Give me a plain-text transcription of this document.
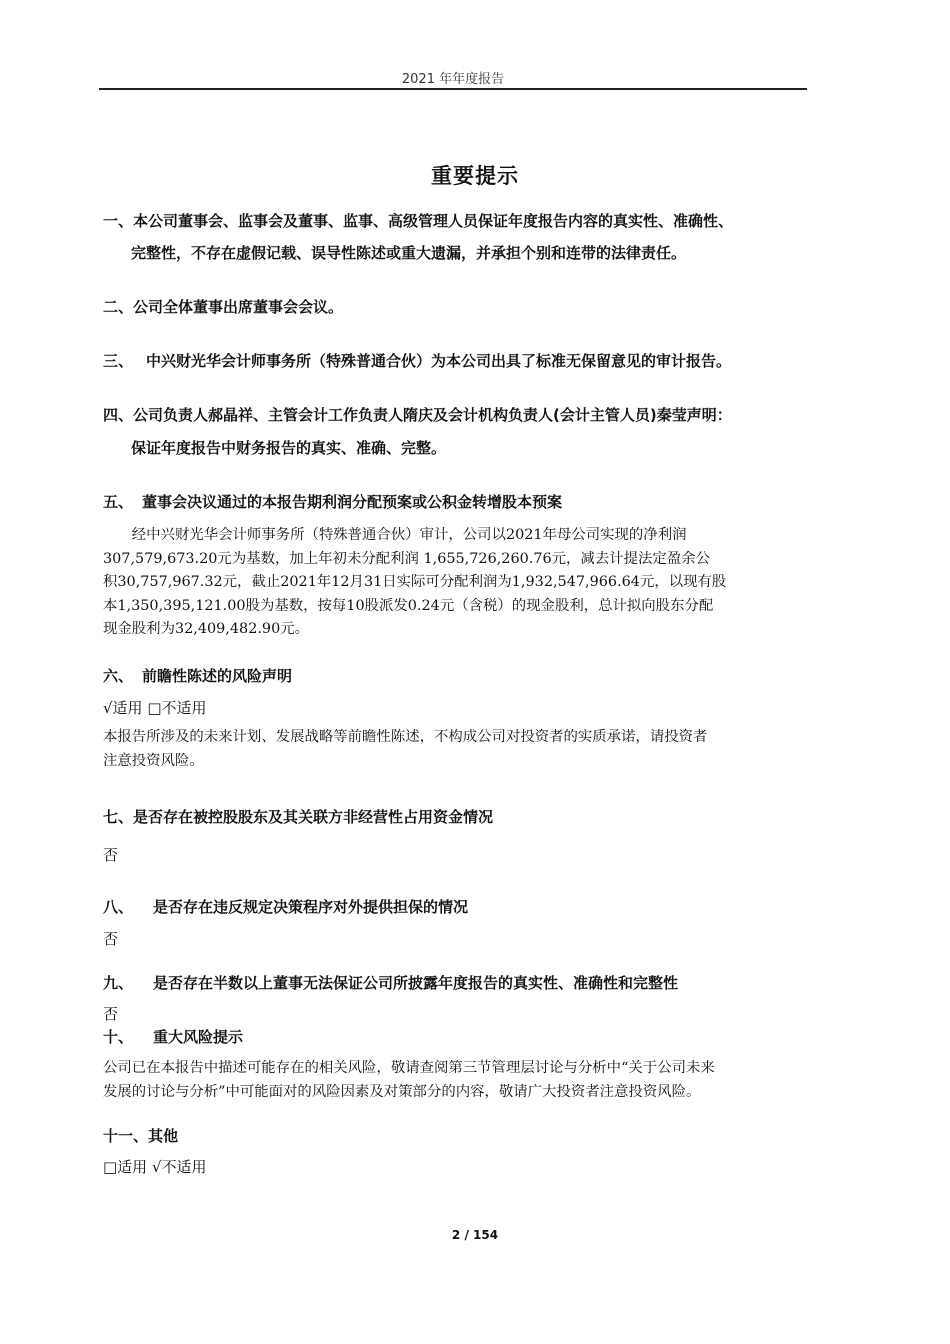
2021 年年度报告
重要提示
一、本公司董事会、监事会及董事、监事、高级管理人员保证年度报告内容的真实性、准确性、
完整性，不存在虚假记载、误导性陈述或重大遗漏，并承担个别和连带的法律责任。
二、公司全体董事出席董事会会议。
三、 中兴财光华会计师事务所（特殊普通合伙）为本公司出具了标准无保留意见的审计报告。
四、公司负责人郝晶祥、主管会计工作负责人隋庆及会计机构负责人(会计主管人员)秦莹声明：
保证年度报告中财务报告的真实、准确、完整。
五、 董事会决议通过的本报告期利润分配预案或公积金转增股本预案
　　经中兴财光华会计师事务所（特殊普通合伙）审计，公司以2021年母公司实现的净利润
307,579,673.20元为基数，加上年初未分配利润 1,655,726,260.76元，减去计提法定盈余公
积30,757,967.32元，截止2021年12月31日实际可分配利润为1,932,547,966.64元，以现有股
本1,350,395,121.00股为基数，按每10股派发0.24元（含税）的现金股利，总计拟向股东分配
现金股利为32,409,482.90元。
六、 前瞻性陈述的风险声明
√适用 □不适用
本报告所涉及的未来计划、发展战略等前瞻性陈述，不构成公司对投资者的实质承诺，请投资者
注意投资风险。
七、是否存在被控股股东及其关联方非经营性占用资金情况
否
八、 是否存在违反规定决策程序对外提供担保的情况
否
九、 是否存在半数以上董事无法保证公司所披露年度报告的真实性、准确性和完整性
否
十、 重大风险提示
公司已在本报告中描述可能存在的相关风险，敬请查阅第三节管理层讨论与分析中“关于公司未来
发展的讨论与分析”中可能面对的风险因素及对策部分的内容，敬请广大投资者注意投资风险。
十一、其他
□适用 √不适用
2 / 154
